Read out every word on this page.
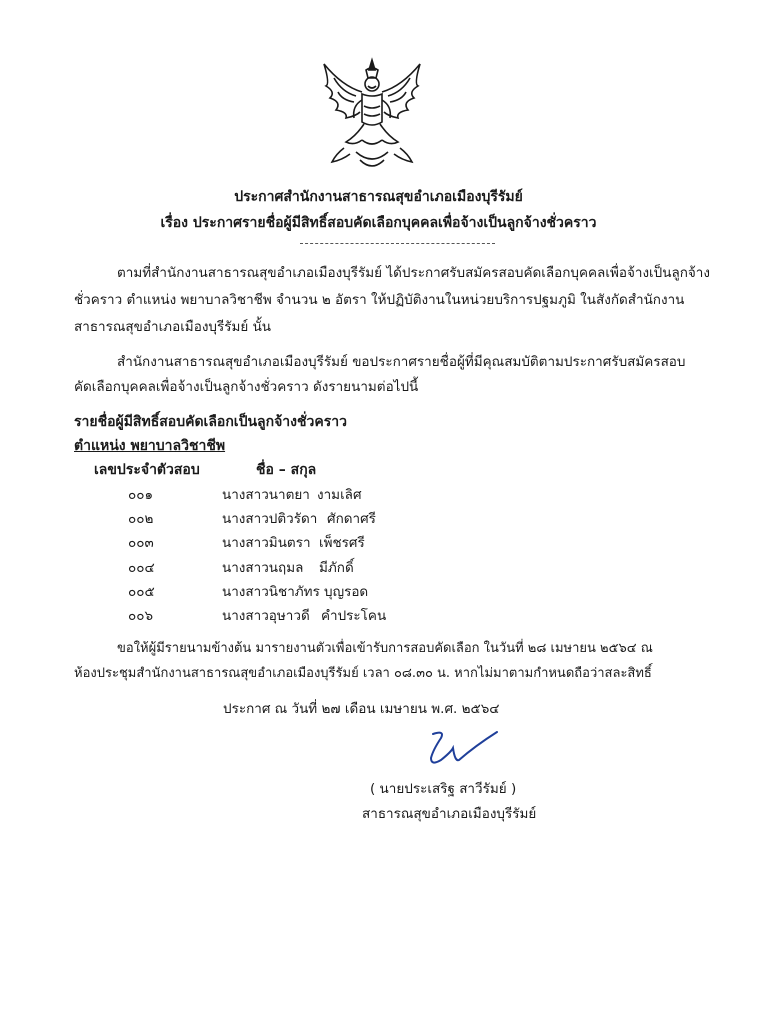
ประกาศสำนักงานสาธารณสุขอำเภอเมืองบุรีรัมย์
เรื่อง ประกาศรายชื่อผู้มีสิทธิ์สอบคัดเลือกบุคคลเพื่อจ้างเป็นลูกจ้างชั่วคราว
ตามที่สำนักงานสาธารณสุขอำเภอเมืองบุรีรัมย์ ได้ประกาศรับสมัครสอบคัดเลือกบุคคลเพื่อจ้างเป็นลูกจ้าง
ชั่วคราว ตำแหน่ง พยาบาลวิชาชีพ จำนวน ๒ อัตรา ให้ปฏิบัติงานในหน่วยบริการปฐมภูมิ ในสังกัดสำนักงาน
สาธารณสุขอำเภอเมืองบุรีรัมย์ นั้น
สำนักงานสาธารณสุขอำเภอเมืองบุรีรัมย์ ขอประกาศรายชื่อผู้ที่มีคุณสมบัติตามประกาศรับสมัครสอบ
คัดเลือกบุคคลเพื่อจ้างเป็นลูกจ้างชั่วคราว ดังรายนามต่อไปนี้
รายชื่อผู้มีสิทธิ์สอบคัดเลือกเป็นลูกจ้างชั่วคราว
ตำแหน่ง พยาบาลวิชาชีพ
เลขประจำตัวสอบ	ชื่อ – สกุล
๐๐๑	นางสาวนาตยา งามเลิศ
๐๐๒	นางสาวปติวรัดา ศักดาศรี
๐๐๓	นางสาวมินตรา เพ็ชรศรี
๐๐๔	นางสาวนฤมล มีภักดิ์
๐๐๕	นางสาวนิชาภัทร บุญรอด
๐๐๖	นางสาวอุษาวดี คำประโคน
ขอให้ผู้มีรายนามข้างต้น มารายงานตัวเพื่อเข้ารับการสอบคัดเลือก ในวันที่ ๒๘ เมษายน ๒๕๖๔ ณ
ห้องประชุมสำนักงานสาธารณสุขอำเภอเมืองบุรีรัมย์ เวลา ๐๘.๓๐ น. หากไม่มาตามกำหนดถือว่าสละสิทธิ์
ประกาศ ณ วันที่ ๒๗ เดือน เมษายน พ.ศ. ๒๕๖๔
( นายประเสริฐ สาวีรัมย์ )
สาธารณสุขอำเภอเมืองบุรีรัมย์
